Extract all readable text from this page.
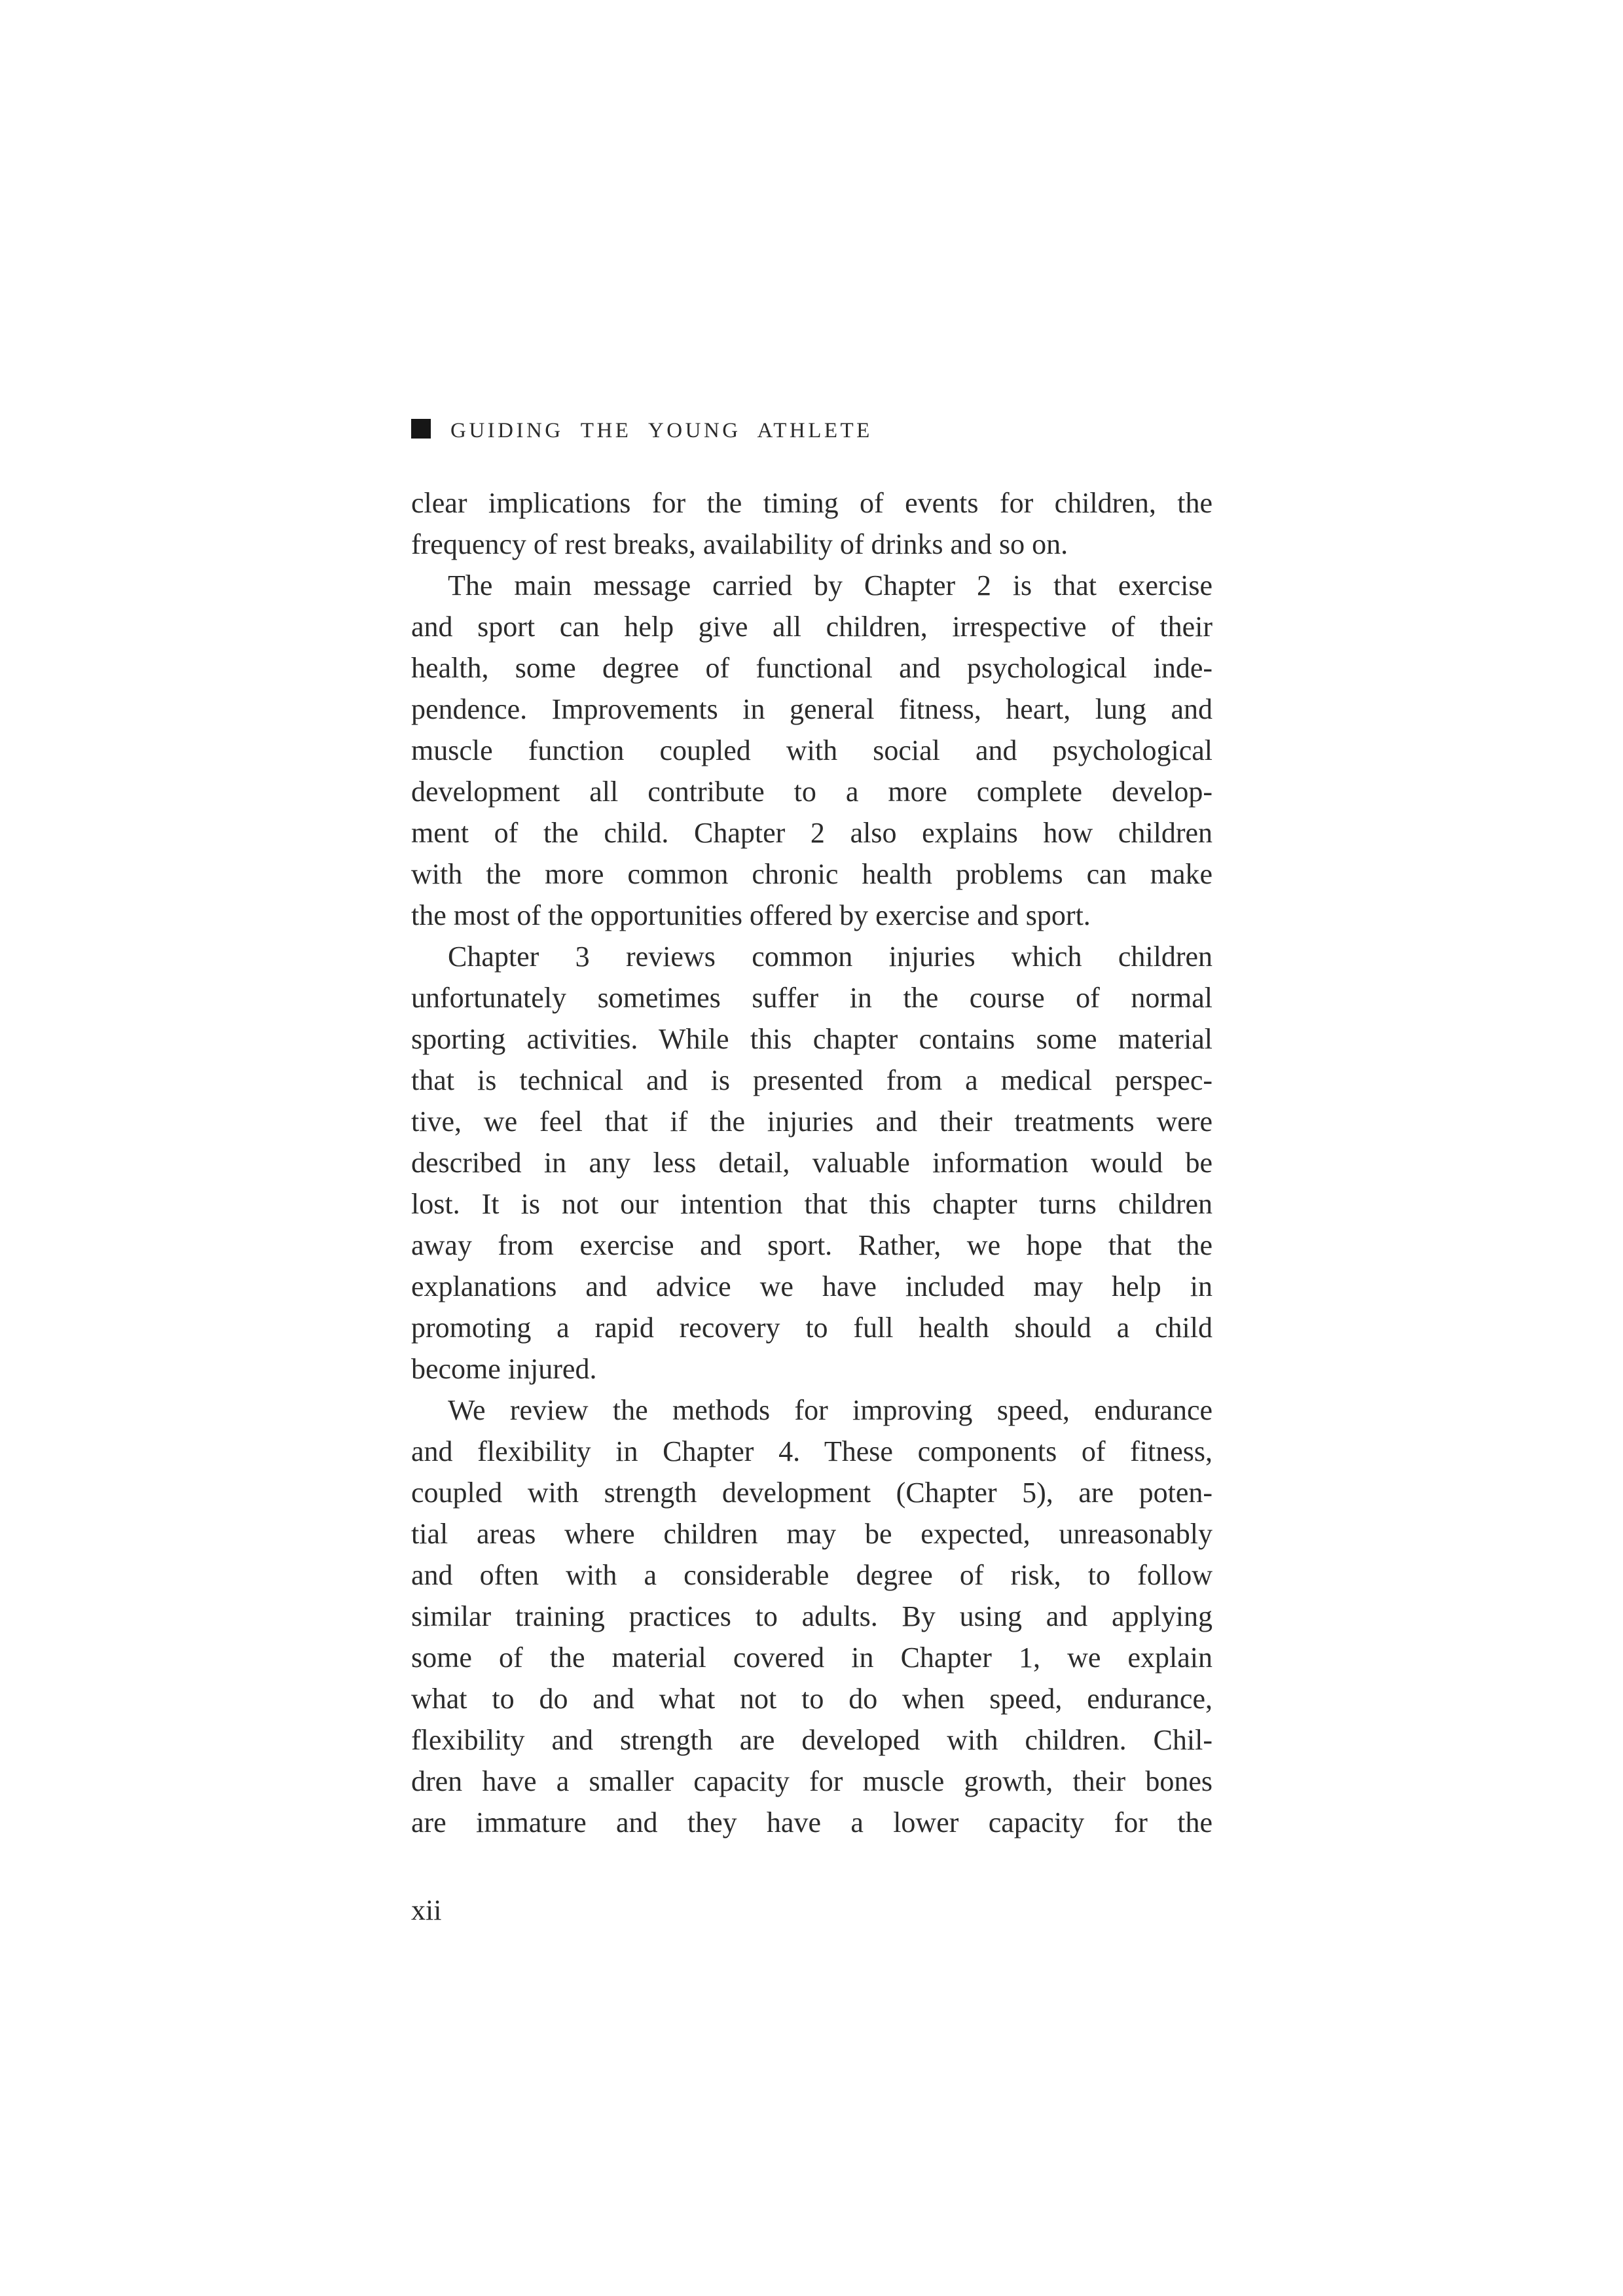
GUIDING THE YOUNG ATHLETE
clear implications for the timing of events for children, the
frequency of rest breaks, availability of drinks and so on.
The main message carried by Chapter 2 is that exercise
and sport can help give all children, irrespective of their
health, some degree of functional and psychological inde-
pendence. Improvements in general fitness, heart, lung and
muscle function coupled with social and psychological
development all contribute to a more complete develop-
ment of the child. Chapter 2 also explains how children
with the more common chronic health problems can make
the most of the opportunities offered by exercise and sport.
Chapter 3 reviews common injuries which children
unfortunately sometimes suffer in the course of normal
sporting activities. While this chapter contains some material
that is technical and is presented from a medical perspec-
tive, we feel that if the injuries and their treatments were
described in any less detail, valuable information would be
lost. It is not our intention that this chapter turns children
away from exercise and sport. Rather, we hope that the
explanations and advice we have included may help in
promoting a rapid recovery to full health should a child
become injured.
We review the methods for improving speed, endurance
and flexibility in Chapter 4. These components of fitness,
coupled with strength development (Chapter 5), are poten-
tial areas where children may be expected, unreasonably
and often with a considerable degree of risk, to follow
similar training practices to adults. By using and applying
some of the material covered in Chapter 1, we explain
what to do and what not to do when speed, endurance,
flexibility and strength are developed with children. Chil-
dren have a smaller capacity for muscle growth, their bones
are immature and they have a lower capacity for the
xii
